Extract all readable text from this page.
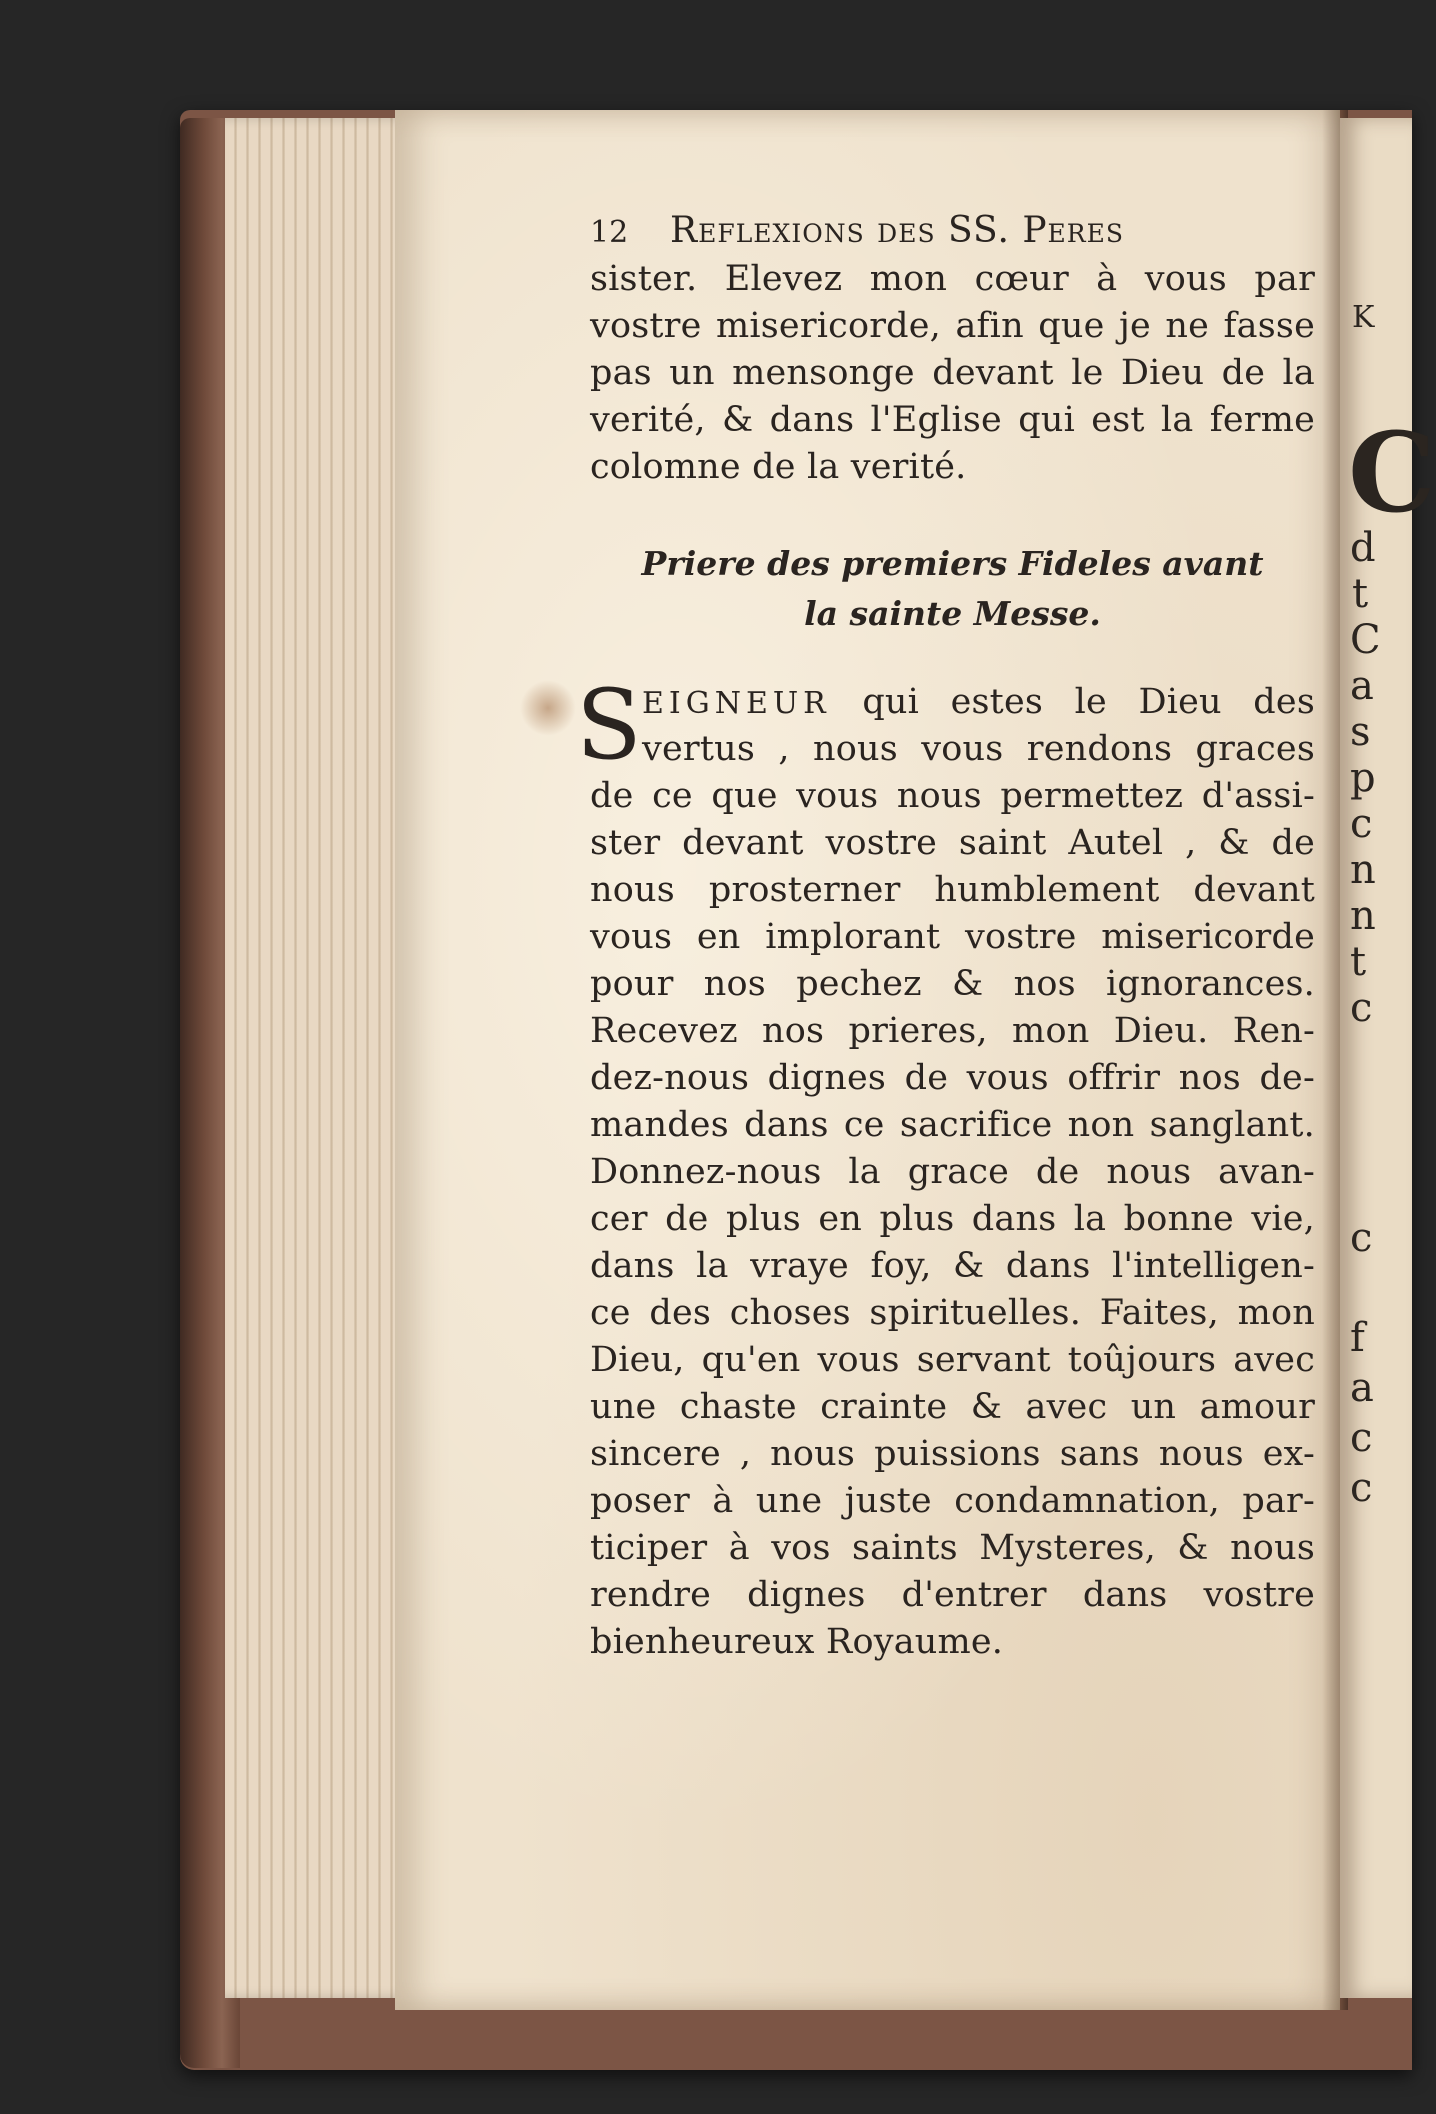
K
C
d
t
C
a
s
p
c
n
n
t
c
c
f
a
c
c
12	Reflexions des SS. Peres
sister. Elevez mon cœur à vous par
vostre misericorde, afin que je ne fasse
pas un mensonge devant le Dieu de la
verité, & dans l'Eglise qui est la ferme
colomne de la verité.
Priere des premiers Fideles avant
la sainte Messe.
S EIGNEUR qui estes le Dieu des
vertus , nous vous rendons graces
de ce que vous nous permettez d'assi-
ster devant vostre saint Autel , & de
nous prosterner humblement devant
vous en implorant vostre misericorde
pour nos pechez & nos ignorances.
Recevez nos prieres, mon Dieu. Ren-
dez-nous dignes de vous offrir nos de-
mandes dans ce sacrifice non sanglant.
Donnez-nous la grace de nous avan-
cer de plus en plus dans la bonne vie,
dans la vraye foy, & dans l'intelligen-
ce des choses spirituelles. Faites, mon
Dieu, qu'en vous servant toûjours avec
une chaste crainte & avec un amour
sincere , nous puissions sans nous ex-
poser à une juste condamnation, par-
ticiper à vos saints Mysteres, & nous
rendre dignes d'entrer dans vostre
bienheureux Royaume.
